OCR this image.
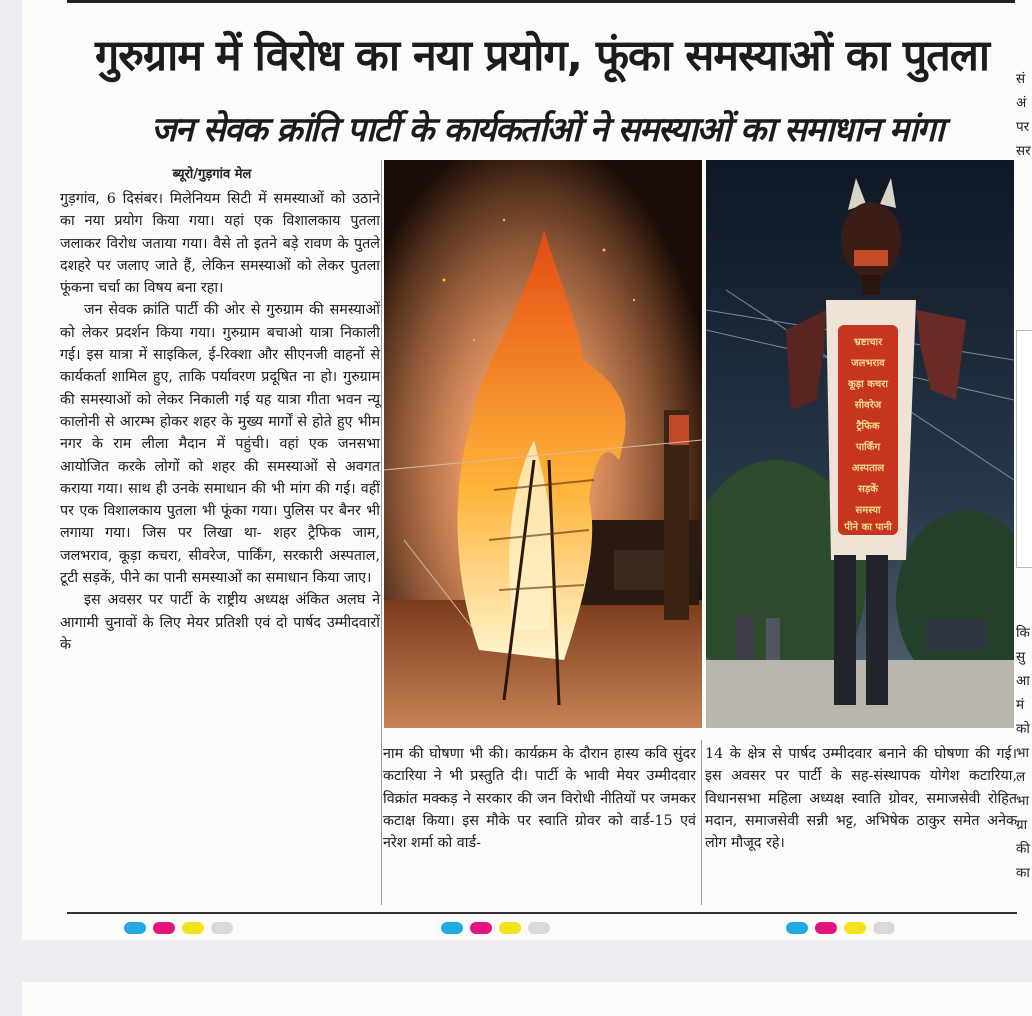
गुरुग्राम में विरोध का नया प्रयोग, फूंका समस्याओं का पुतला
जन सेवक क्रांति पार्टी के कार्यकर्ताओं ने समस्याओं का समाधान मांगा
ब्यूरो/गुड़गांव मेल

गुड़गांव, 6 दिसंबर। मिलेनियम सिटी में समस्याओं को उठाने का नया प्रयोग किया गया। यहां एक विशालकाय पुतला जलाकर विरोध जताया गया। वैसे तो इतने बड़े रावण के पुतले दशहरे पर जलाए जाते हैं, लेकिन समस्याओं को लेकर पुतला फूंकना चर्चा का विषय बना रहा।

जन सेवक क्रांति पार्टी की ओर से गुरुग्राम की समस्याओं को लेकर प्रदर्शन किया गया। गुरुग्राम बचाओ यात्रा निकाली गई। इस यात्रा में साइकिल, ई-रिक्शा और सीएनजी वाहनों से कार्यकर्ता शामिल हुए, ताकि पर्यावरण प्रदूषित ना हो। गुरुग्राम की समस्याओं को लेकर निकाली गई यह यात्रा गीता भवन न्यू कालोनी से आरम्भ होकर शहर के मुख्य मार्गों से होते हुए भीम नगर के राम लीला मैदान में पहुंची। वहां एक जनसभा आयोजित करके लोगों को शहर की समस्याओं से अवगत कराया गया। साथ ही उनके समाधान की भी मांग की गई। वहीं पर एक विशालकाय पुतला भी फूंका गया। पुलिस पर बैनर भी लगाया गया। जिस पर लिखा था- शहर ट्रैफिक जाम, जलभराव, कूड़ा कचरा, सीवरेज, पार्किंग, सरकारी अस्पताल, टूटी सड़कें, पीने का पानी समस्याओं का समाधान किया जाए।

इस अवसर पर पार्टी के राष्ट्रीय अध्यक्ष अंकित अलघ ने आगामी चुनावों के लिए मेयर प्रतिशी एवं दो पार्षद उम्मीदवारों के

भ्रष्टाचार
जलभराव
कूड़ा कचरा
सीवरेज
ट्रैफिक
पार्किंग
अस्पताल
सड़कें
समस्या
पीने का पानी

नाम की घोषणा भी की। कार्यक्रम के दौरान हास्य कवि सुंदर कटारिया ने भी प्रस्तुति दी। पार्टी के भावी मेयर उम्मीदवार विक्रांत मक्कड़ ने सरकार की जन विरोधी नीतियों पर जमकर कटाक्ष किया। इस मौके पर स्वाति ग्रोवर को वार्ड-15 एवं नरेश शर्मा को वार्ड-

14 के क्षेत्र से पार्षद उम्मीदवार बनाने की घोषणा की गई। इस अवसर पर पार्टी के सह-संस्थापक योगेश कटारिया, विधानसभा महिला अध्यक्ष स्वाति ग्रोवर, समाजसेवी रोहित मदान, समाजसेवी सन्नी भट्ट, अभिषेक ठाकुर समेत अनेक लोग मौजूद रहे।

सं
अं
पर
सर
कि
सु
आ
मं
को
भा
ल
भा
ग्रा
की
का
